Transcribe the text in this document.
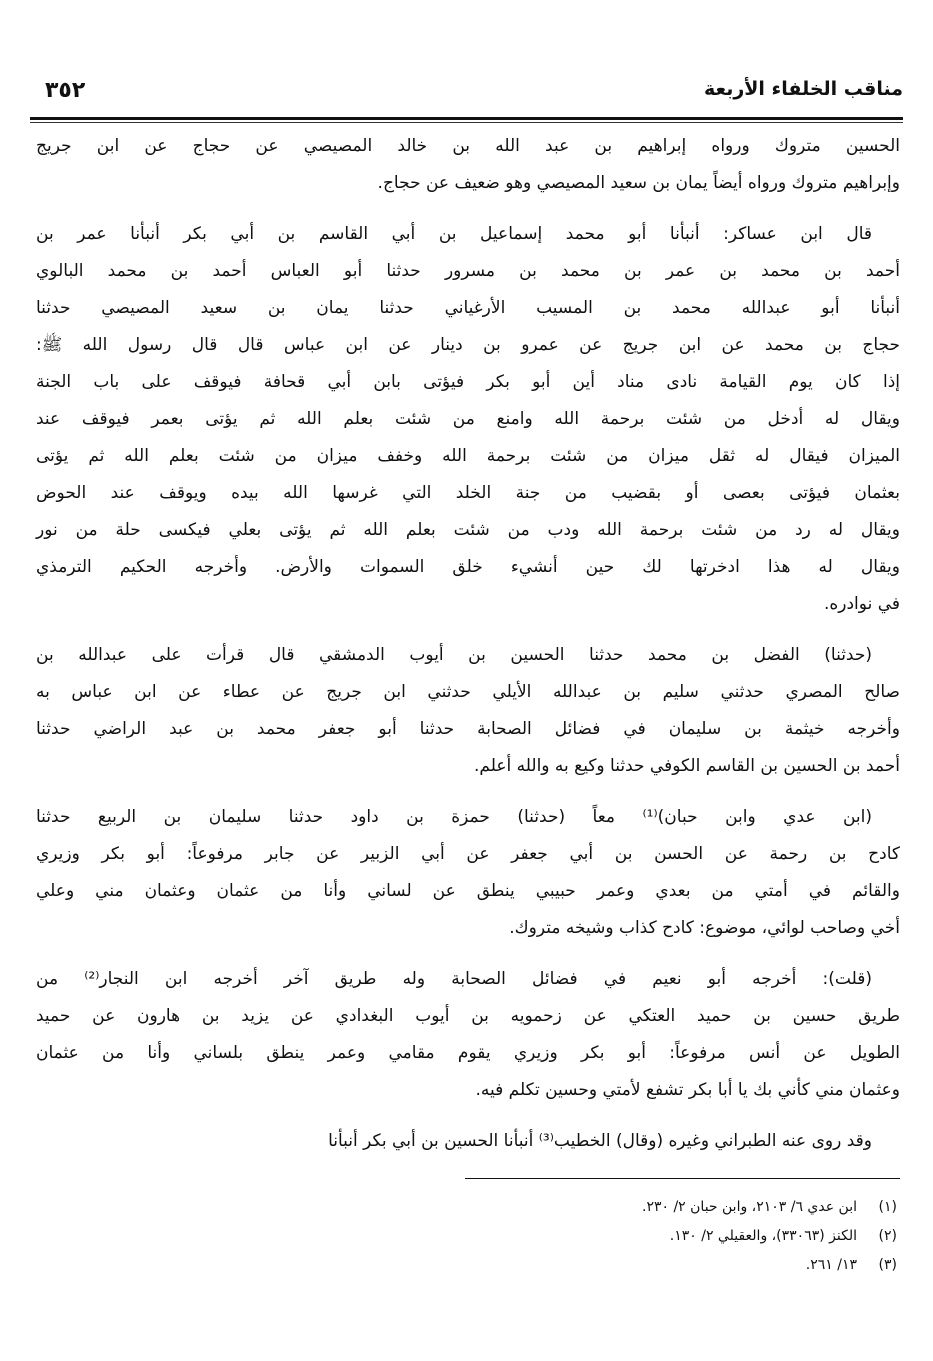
٣٥٢	مناقب الخلفاء الأربعة
الحسين متروك ورواه إبراهيم بن عبد الله بن خالد المصيصي عن حجاج عن ابن جريج
وإبراهيم متروك ورواه أيضاً يمان بن سعيد المصيصي وهو ضعيف عن حجاج.
قال ابن عساكر: أنبأنا أبو محمد إسماعيل بن أبي القاسم بن أبي بكر أنبأنا عمر بن
أحمد بن محمد بن عمر بن محمد بن مسرور حدثنا أبو العباس أحمد بن محمد البالوي
أنبأنا أبو عبدالله محمد بن المسيب الأرغياني حدثنا يمان بن سعيد المصيصي حدثنا
حجاج بن محمد عن ابن جريج عن عمرو بن دينار عن ابن عباس قال قال رسول الله ﷺ:
إذا كان يوم القيامة نادى مناد أين أبو بكر فيؤتى بابن أبي قحافة فيوقف على باب الجنة
ويقال له أدخل من شئت برحمة الله وامنع من شئت بعلم الله ثم يؤتى بعمر فيوقف عند
الميزان فيقال له ثقل ميزان من شئت برحمة الله وخفف ميزان من شئت بعلم الله ثم يؤتى
بعثمان فيؤتى بعصى أو بقضيب من جنة الخلد التي غرسها الله بيده ويوقف عند الحوض
ويقال له رد من شئت برحمة الله ودب من شئت بعلم الله ثم يؤتى بعلي فيكسى حلة من نور
ويقال له هذا ادخرتها لك حين أنشيء خلق السموات والأرض. وأخرجه الحكيم الترمذي
في نوادره.
(حدثنا) الفضل بن محمد حدثنا الحسين بن أيوب الدمشقي قال قرأت على عبدالله بن
صالح المصري حدثني سليم بن عبدالله الأيلي حدثني ابن جريج عن عطاء عن ابن عباس به
وأخرجه خيثمة بن سليمان في فضائل الصحابة حدثنا أبو جعفر محمد بن عبد الراضي حدثنا
أحمد بن الحسين بن القاسم الكوفي حدثنا وكيع به والله أعلم.
(ابن عدي وابن حبان)⁽¹⁾ معاً (حدثنا) حمزة بن داود حدثنا سليمان بن الربيع حدثنا
كادح بن رحمة عن الحسن بن أبي جعفر عن أبي الزبير عن جابر مرفوعاً: أبو بكر وزيري
والقائم في أمتي من بعدي وعمر حبيبي ينطق عن لساني وأنا من عثمان وعثمان مني وعلي
أخي وصاحب لوائي، موضوع: كادح كذاب وشيخه متروك.
(قلت): أخرجه أبو نعيم في فضائل الصحابة وله طريق آخر أخرجه ابن النجار⁽²⁾ من
طريق حسين بن حميد العتكي عن زحمويه بن أيوب البغدادي عن يزيد بن هارون عن حميد
الطويل عن أنس مرفوعاً: أبو بكر وزيري يقوم مقامي وعمر ينطق بلساني وأنا من عثمان
وعثمان مني كأني بك يا أبا بكر تشفع لأمتي وحسين تكلم فيه.
وقد روى عنه الطبراني وغيره (وقال) الخطيب⁽³⁾ أنبأنا الحسين بن أبي بكر أنبأنا
(١)ابن عدي ٦/ ٢١٠٣، وابن حبان ٢/ ٢٣٠.
(٢)الكنز (٣٣٠٦٣)، والعقيلي ٢/ ١٣٠.
(٣)١٣/ ٢٦١.
